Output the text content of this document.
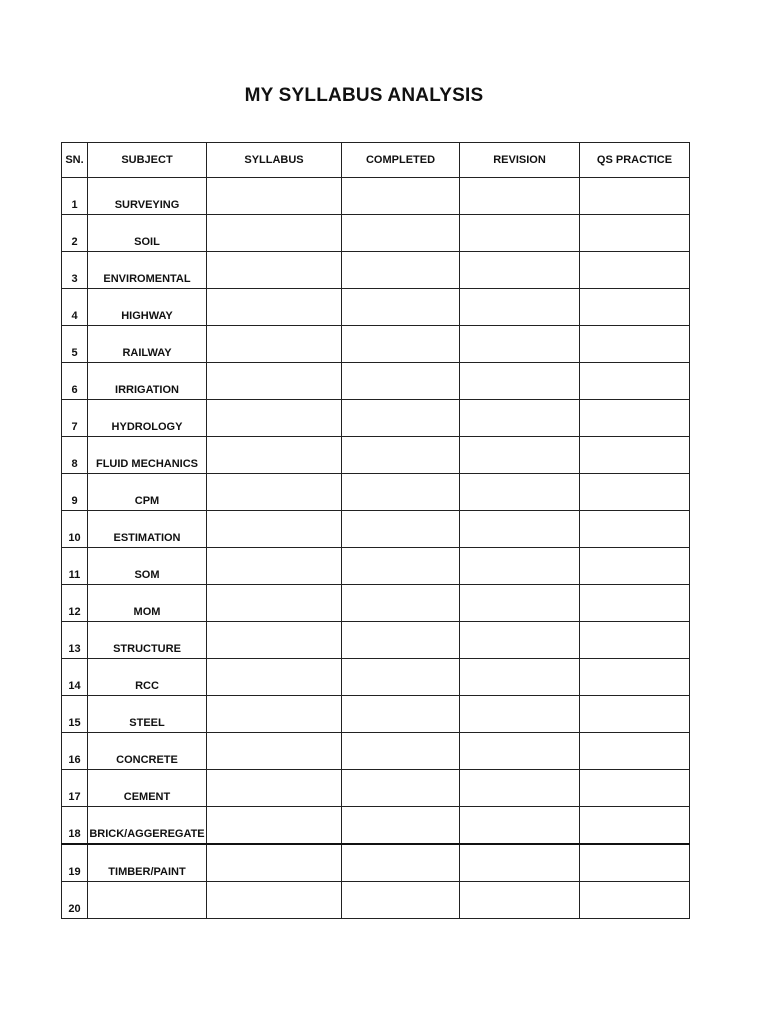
MY SYLLABUS ANALYSIS
SN.	SUBJECT	SYLLABUS	COMPLETED	REVISION	QS PRACTICE
1	SURVEYING				
2	SOIL				
3	ENVIROMENTAL				
4	HIGHWAY				
5	RAILWAY				
6	IRRIGATION				
7	HYDROLOGY				
8	FLUID MECHANICS				
9	CPM				
10	ESTIMATION				
11	SOM				
12	MOM				
13	STRUCTURE				
14	RCC				
15	STEEL				
16	CONCRETE				
17	CEMENT				
18	BRICK/AGGEREGATE				
19	TIMBER/PAINT				
20					
